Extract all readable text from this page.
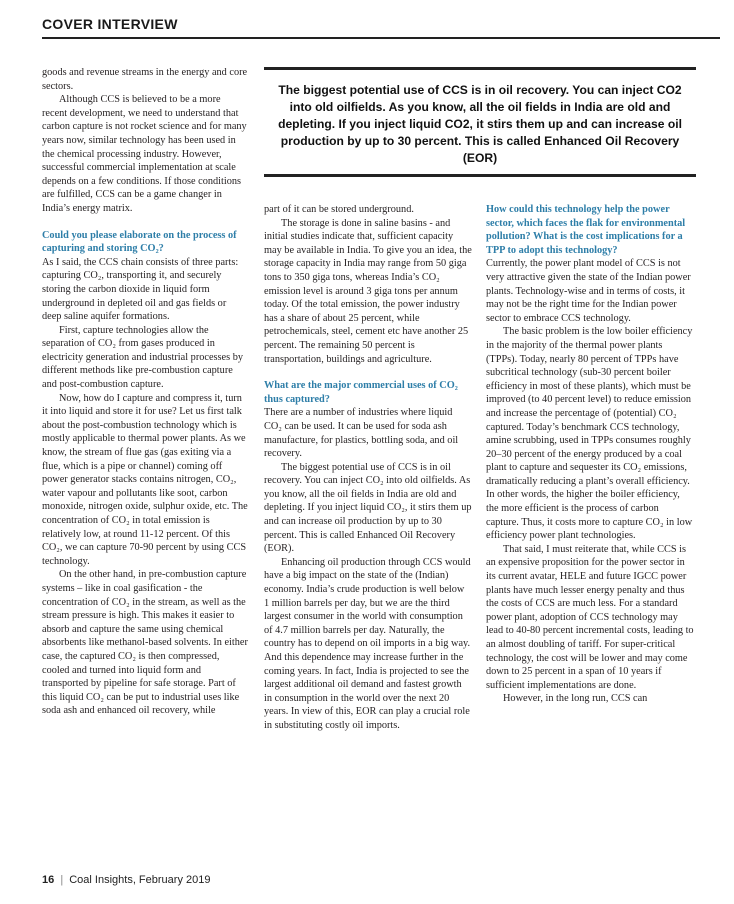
COVER INTERVIEW

The biggest potential use of CCS is in oil recovery. You can inject CO2 into old oilfields. As you know, all the oil fields in India are old and depleting. If you inject liquid CO2, it stirs them up and can increase oil production by up to 30 percent. This is called Enhanced Oil Recovery (EOR)

goods and revenue streams in the energy and core sectors.

Although CCS is believed to be a more recent development, we need to understand that carbon capture is not rocket science and for many years now, similar technology has been used in the chemical processing industry. However, successful commercial implementation at scale depends on a few conditions. If those conditions are fulfilled, CCS can be a game changer in India’s energy matrix.

Could you please elaborate on the process of capturing and storing CO₂?

As I said, the CCS chain consists of three parts: capturing CO₂, transporting it, and securely storing the carbon dioxide in liquid form underground in depleted oil and gas fields or deep saline aquifer formations.

First, capture technologies allow the separation of CO₂ from gases produced in electricity generation and industrial processes by different methods like pre-combustion capture and post-combustion capture.

Now, how do I capture and compress it, turn it into liquid and store it for use? Let us first talk about the post-combustion technology which is mostly applicable to thermal power plants. As we know, the stream of flue gas (gas exiting via a flue, which is a pipe or channel) coming off power generator stacks contains nitrogen, CO₂, water vapour and pollutants like soot, carbon monoxide, nitrogen oxide, sulphur oxide, etc. The concentration of CO₂ in total emission is relatively low, at round 11-12 percent. Of this CO₂, we can capture 70-90 percent by using CCS technology.

On the other hand, in pre-combustion capture systems – like in coal gasification - the concentration of CO₂ in the stream, as well as the stream pressure is high. This makes it easier to absorb and capture the same using chemical absorbents like methanol-based solvents. In either case, the captured CO₂ is then compressed, cooled and turned into liquid form and transported by pipeline for safe storage. Part of this liquid CO₂ can be put to industrial uses like soda ash and enhanced oil recovery, while

part of it can be stored underground.

The storage is done in saline basins - and initial studies indicate that, sufficient capacity may be available in India. To give you an idea, the storage capacity in India may range from 50 giga tons to 350 giga tons, whereas India’s CO₂ emission level is around 3 giga tons per annum today. Of the total emission, the power industry has a share of about 25 percent, while petrochemicals, steel, cement etc have another 25 percent. The remaining 50 percent is transportation, buildings and agriculture.

What are the major commercial uses of CO₂ thus captured?

There are a number of industries where liquid CO₂ can be used. It can be used for soda ash manufacture, for plastics, bottling soda, and oil recovery.

The biggest potential use of CCS is in oil recovery. You can inject CO₂ into old oilfields. As you know, all the oil fields in India are old and depleting. If you inject liquid CO₂, it stirs them up and can increase oil production by up to 30 percent. This is called Enhanced Oil Recovery (EOR).

Enhancing oil production through CCS would have a big impact on the state of the (Indian) economy. India’s crude production is well below 1 million barrels per day, but we are the third largest consumer in the world with consumption of 4.7 million barrels per day. Naturally, the country has to depend on oil imports in a big way. And this dependence may increase further in the coming years. In fact, India is projected to see the largest additional oil demand and fastest growth in consumption in the world over the next 20 years. In view of this, EOR can play a crucial role in substituting costly oil imports.

How could this technology help the power sector, which faces the flak for environmental pollution? What is the cost implications for a TPP to adopt this technology?

Currently, the power plant model of CCS is not very attractive given the state of the Indian power plants. Technology-wise and in terms of costs, it may not be the right time for the Indian power sector to embrace CCS technology.

The basic problem is the low boiler efficiency in the majority of the thermal power plants (TPPs). Today, nearly 80 percent of TPPs have subcritical technology (sub-30 percent boiler efficiency in most of these plants), which must be improved (to 40 percent level) to reduce emission and increase the percentage of (potential) CO₂ captured. Today’s benchmark CCS technology, amine scrubbing, used in TPPs consumes roughly 20–30 percent of the energy produced by a coal plant to capture and sequester its CO₂ emissions, dramatically reducing a plant’s overall efficiency. In other words, the higher the boiler efficiency, the more efficient is the process of carbon capture. Thus, it costs more to capture CO₂ in low efficiency power plant technologies.

That said, I must reiterate that, while CCS is an expensive proposition for the power sector in its current avatar, HELE and future IGCC power plants have much lesser energy penalty and thus the costs of CCS are much less. For a standard power plant, adoption of CCS technology may lead to 40-80 percent incremental costs, leading to an almost doubling of tariff. For super-critical technology, the cost will be lower and may come down to 25 percent in a span of 10 years if sufficient implementations are done.

However, in the long run, CCS can

16 | Coal Insights, February 2019
